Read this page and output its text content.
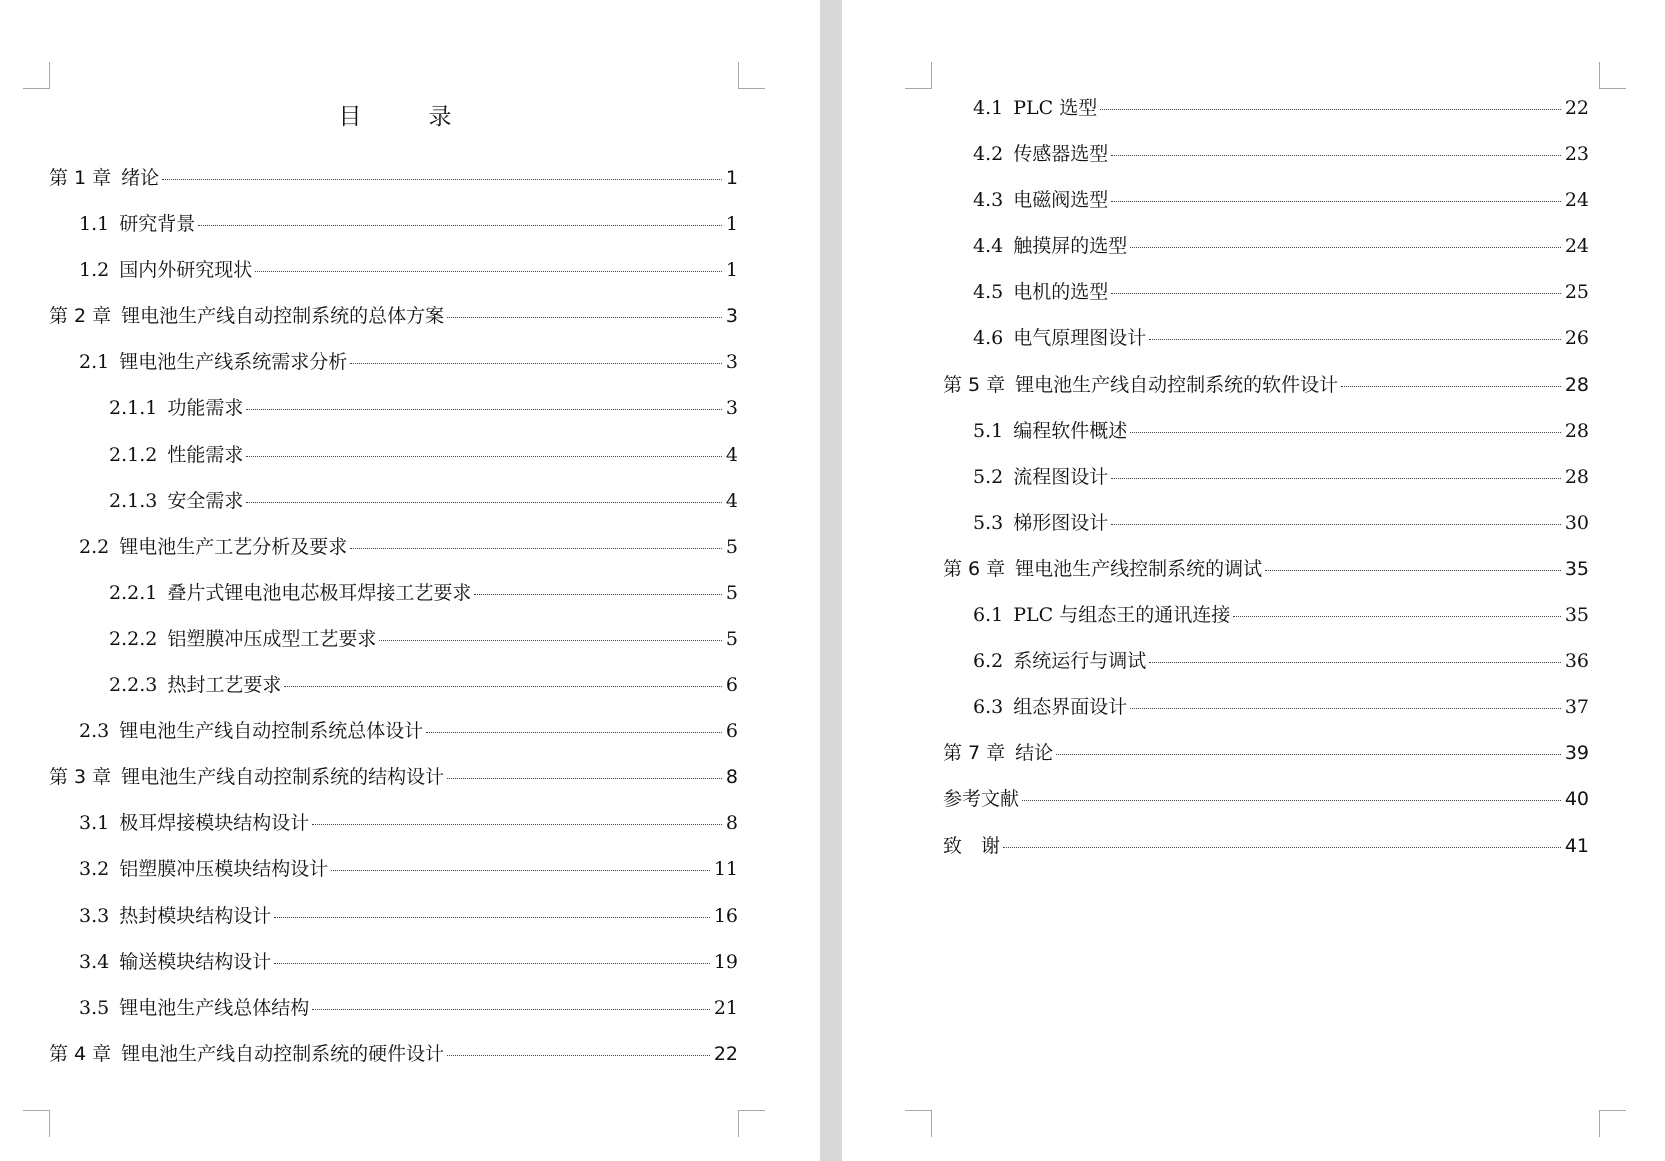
目　录
第 1 章 绪论	1
1.1 研究背景	1
1.2 国内外研究现状	1
第 2 章 锂电池生产线自动控制系统的总体方案	3
2.1 锂电池生产线系统需求分析	3
2.1.1 功能需求	3
2.1.2 性能需求	4
2.1.3 安全需求	4
2.2 锂电池生产工艺分析及要求	5
2.2.1 叠片式锂电池电芯极耳焊接工艺要求	5
2.2.2 铝塑膜冲压成型工艺要求	5
2.2.3 热封工艺要求	6
2.3 锂电池生产线自动控制系统总体设计	6
第 3 章 锂电池生产线自动控制系统的结构设计	8
3.1 极耳焊接模块结构设计	8
3.2 铝塑膜冲压模块结构设计	11
3.3 热封模块结构设计	16
3.4 输送模块结构设计	19
3.5 锂电池生产线总体结构	21
第 4 章 锂电池生产线自动控制系统的硬件设计	22
4.1 PLC 选型	22
4.2 传感器选型	23
4.3 电磁阀选型	24
4.4 触摸屏的选型	24
4.5 电机的选型	25
4.6 电气原理图设计	26
第 5 章 锂电池生产线自动控制系统的软件设计	28
5.1 编程软件概述	28
5.2 流程图设计	28
5.3 梯形图设计	30
第 6 章 锂电池生产线控制系统的调试	35
6.1 PLC 与组态王的通讯连接	35
6.2 系统运行与调试	36
6.3 组态界面设计	37
第 7 章 结论	39
参考文献	40
致　谢	41
